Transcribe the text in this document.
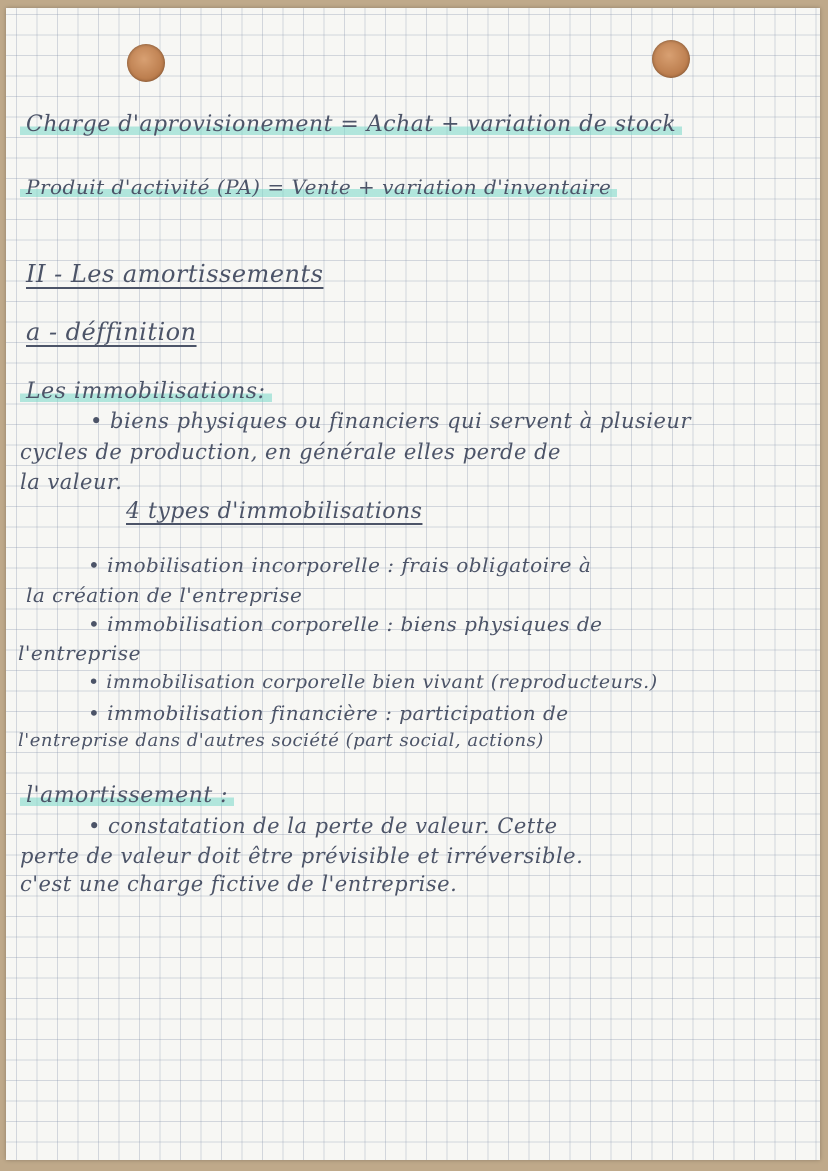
Charge d'aprovisionement = Achat + variation de stock

Produit d'activité (PA) = Vente + variation d'inventaire

II - Les amortissements

a - déffinition

Les immobilisations:

• biens physiques ou financiers qui servent à plusieur

cycles de production, en générale elles perde de

la valeur.

4 types d'immobilisations

• imobilisation incorporelle : frais obligatoire à

la création de l'entreprise

• immobilisation corporelle : biens physiques de

l'entreprise

• immobilisation corporelle bien vivant (reproducteurs.)

• immobilisation financière : participation de

l'entreprise dans d'autres société (part social, actions)

l'amortissement :

• constatation de la perte de valeur. Cette

perte de valeur doit être prévisible et irréversible.

c'est une charge fictive de l'entreprise.
